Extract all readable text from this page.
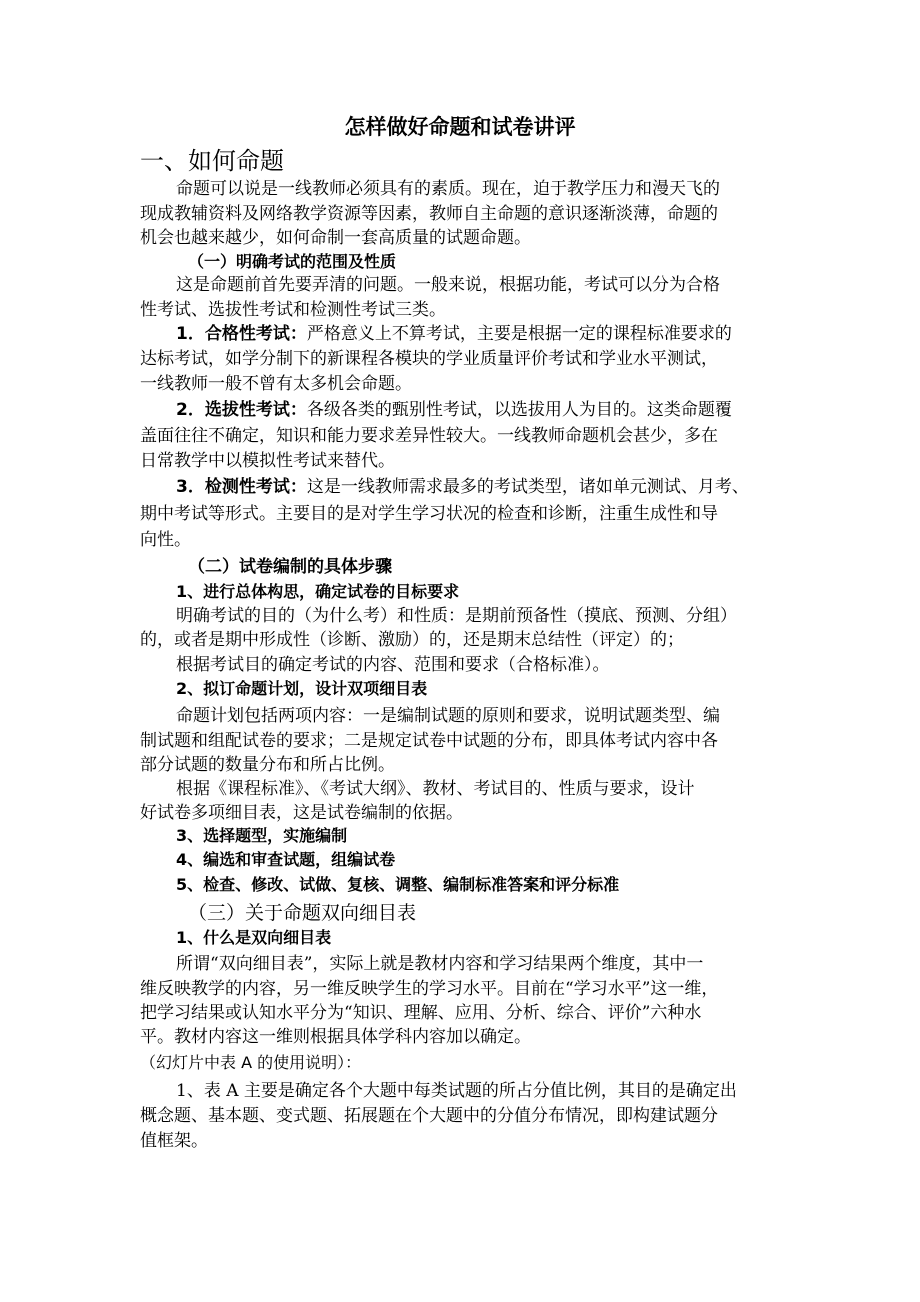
怎样做好命题和试卷讲评
一、如何命题
命题可以说是一线教师必须具有的素质。现在，迫于教学压力和漫天飞的
现成教辅资料及网络教学资源等因素，教师自主命题的意识逐渐淡薄，命题的
机会也越来越少，如何命制一套高质量的试题命题。
（一）明确考试的范围及性质
这是命题前首先要弄清的问题。一般来说，根据功能，考试可以分为合格
性考试、选拔性考试和检测性考试三类。
1．合格性考试：严格意义上不算考试，主要是根据一定的课程标准要求的
达标考试，如学分制下的新课程各模块的学业质量评价考试和学业水平测试，
一线教师一般不曾有太多机会命题。
2．选拔性考试：各级各类的甄别性考试，以选拔用人为目的。这类命题覆
盖面往往不确定，知识和能力要求差异性较大。一线教师命题机会甚少，多在
日常教学中以模拟性考试来替代。
3．检测性考试：这是一线教师需求最多的考试类型，诸如单元测试、月考、
期中考试等形式。主要目的是对学生学习状况的检查和诊断，注重生成性和导
向性。
（二）试卷编制的具体步骤
1、进行总体构思，确定试卷的目标要求
明确考试的目的（为什么考）和性质：是期前预备性（摸底、预测、分组）
的，或者是期中形成性（诊断、激励）的，还是期末总结性（评定）的；
根据考试目的确定考试的内容、范围和要求（合格标准）。
2、拟订命题计划，设计双项细目表
命题计划包括两项内容：一是编制试题的原则和要求，说明试题类型、编
制试题和组配试卷的要求；二是规定试卷中试题的分布，即具体考试内容中各
部分试题的数量分布和所占比例。
根据《课程标准》、《考试大纲》、教材、考试目的、性质与要求，设计
好试卷多项细目表，这是试卷编制的依据。
3、选择题型，实施编制
4、编选和审查试题，组编试卷
5、检查、修改、试做、复核、调整、编制标准答案和评分标准
（三）关于命题双向细目表
1、什么是双向细目表
所谓“双向细目表”，实际上就是教材内容和学习结果两个维度，其中一
维反映教学的内容，另一维反映学生的学习水平。目前在“学习水平”这一维，
把学习结果或认知水平分为“知识、理解、应用、分析、综合、评价”六种水
平。教材内容这一维则根据具体学科内容加以确定。
（幻灯片中表 A 的使用说明）：
1、表 A 主要是确定各个大题中每类试题的所占分值比例，其目的是确定出
概念题、基本题、变式题、拓展题在个大题中的分值分布情况，即构建试题分
值框架。
